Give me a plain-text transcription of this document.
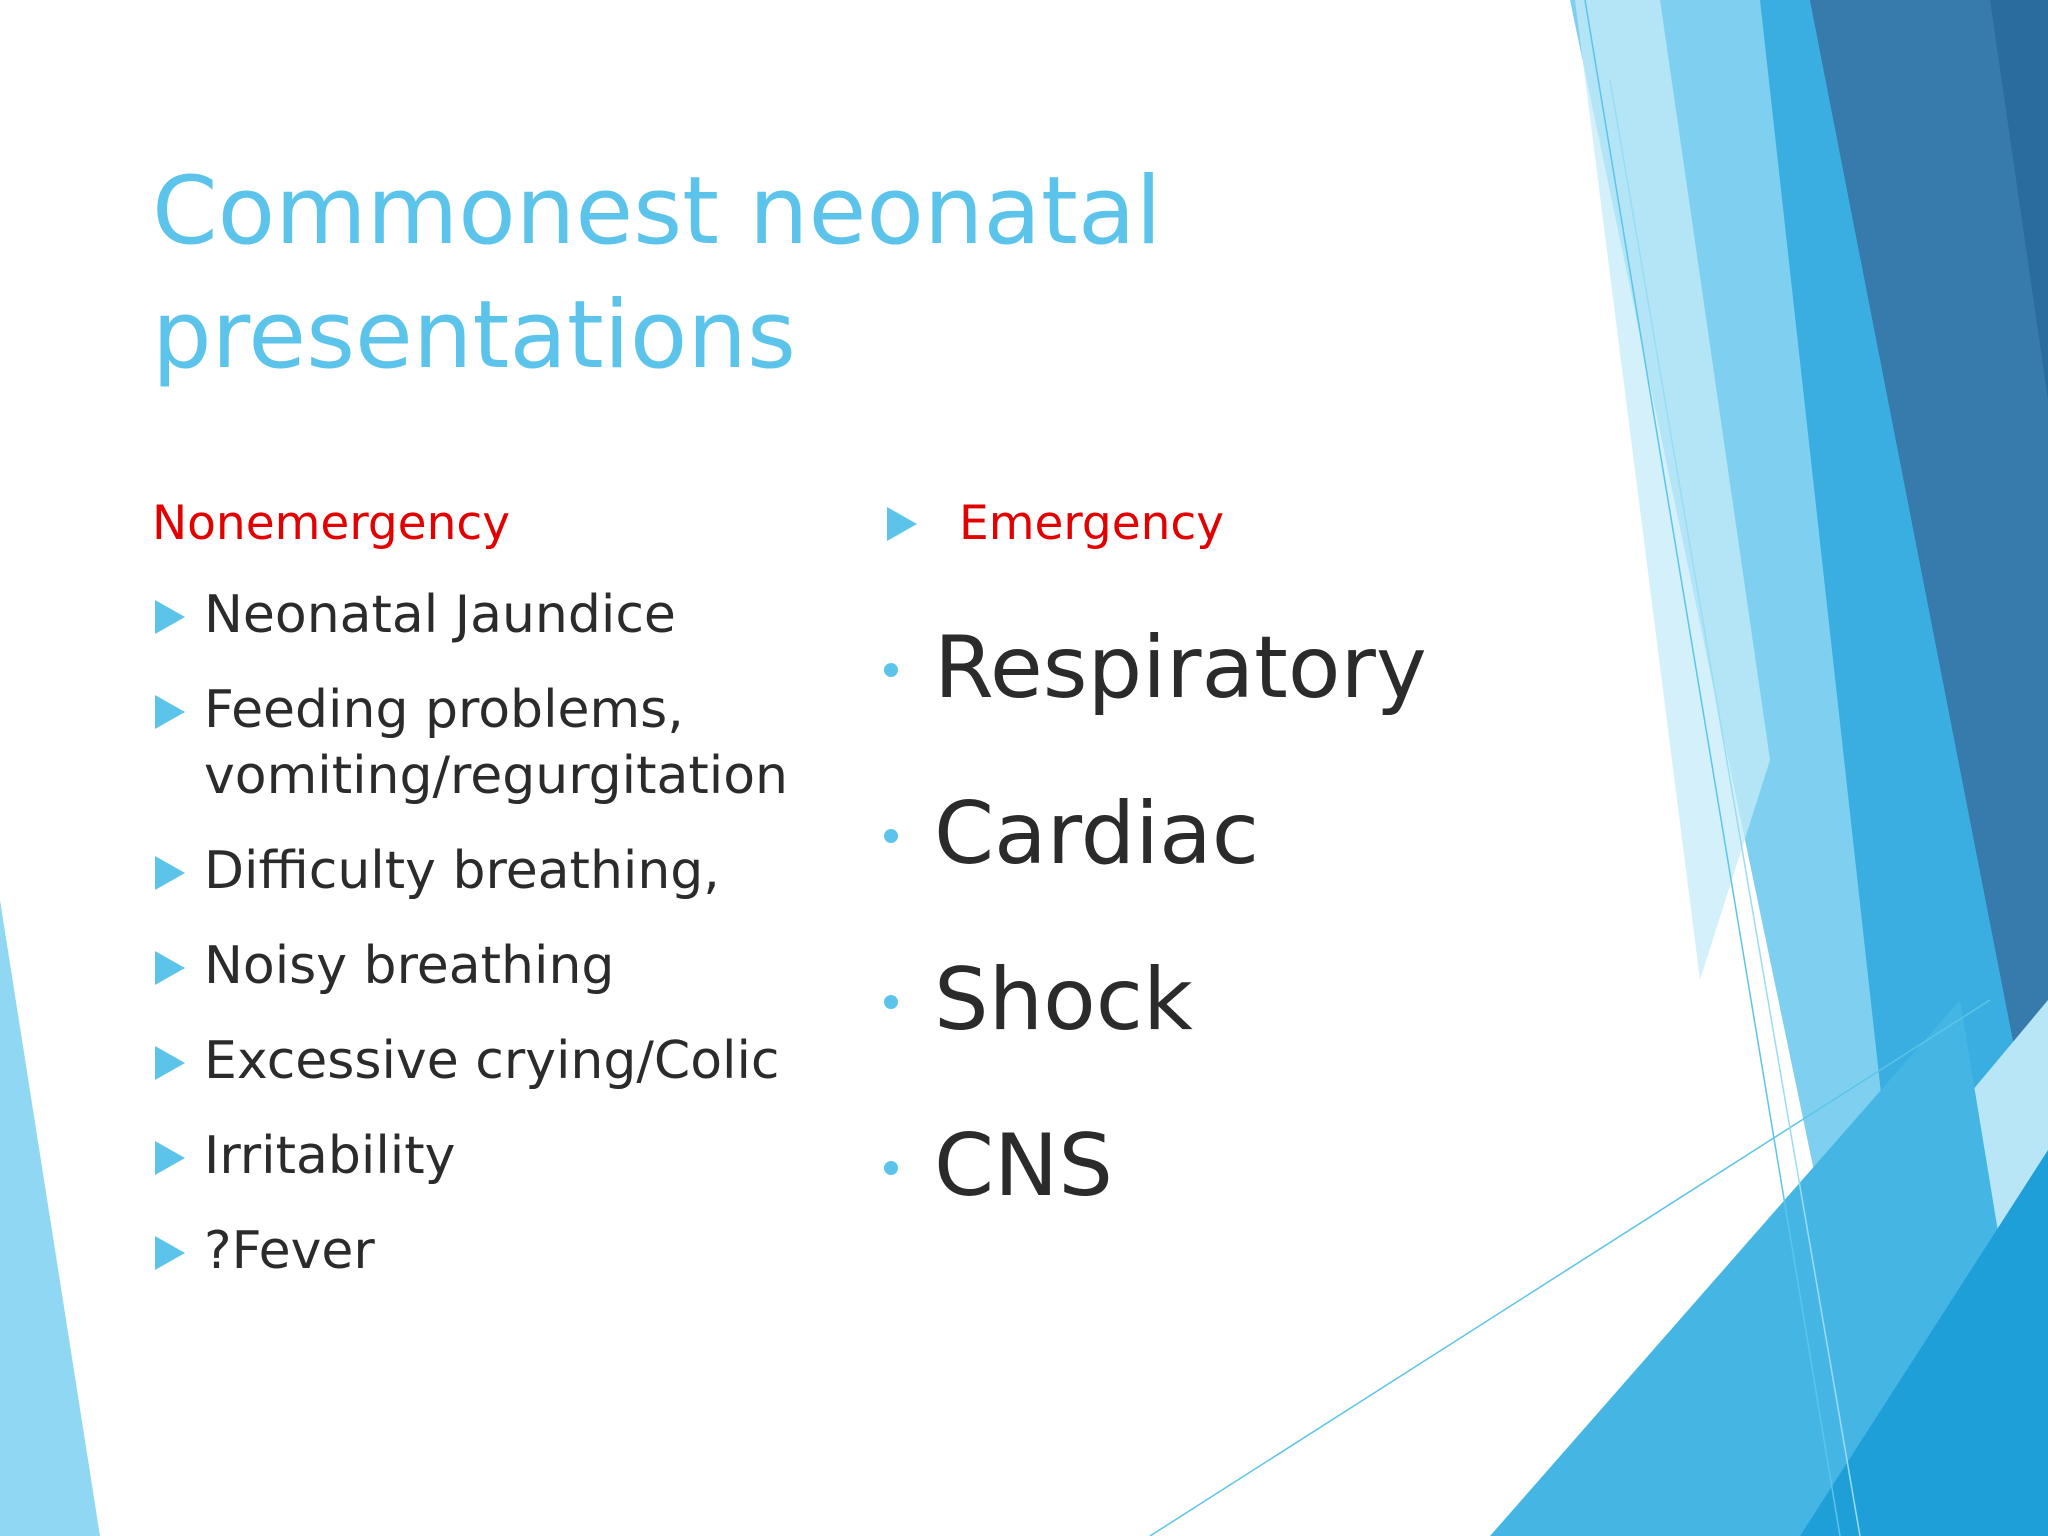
Commonest neonatal presentations
Nonemergency
Neonatal Jaundice
Feeding problems, vomiting/regurgitation
Difficulty breathing,
Noisy breathing
Excessive crying/Colic
Irritability
?Fever
Emergency
Respiratory
Cardiac
Shock
CNS
